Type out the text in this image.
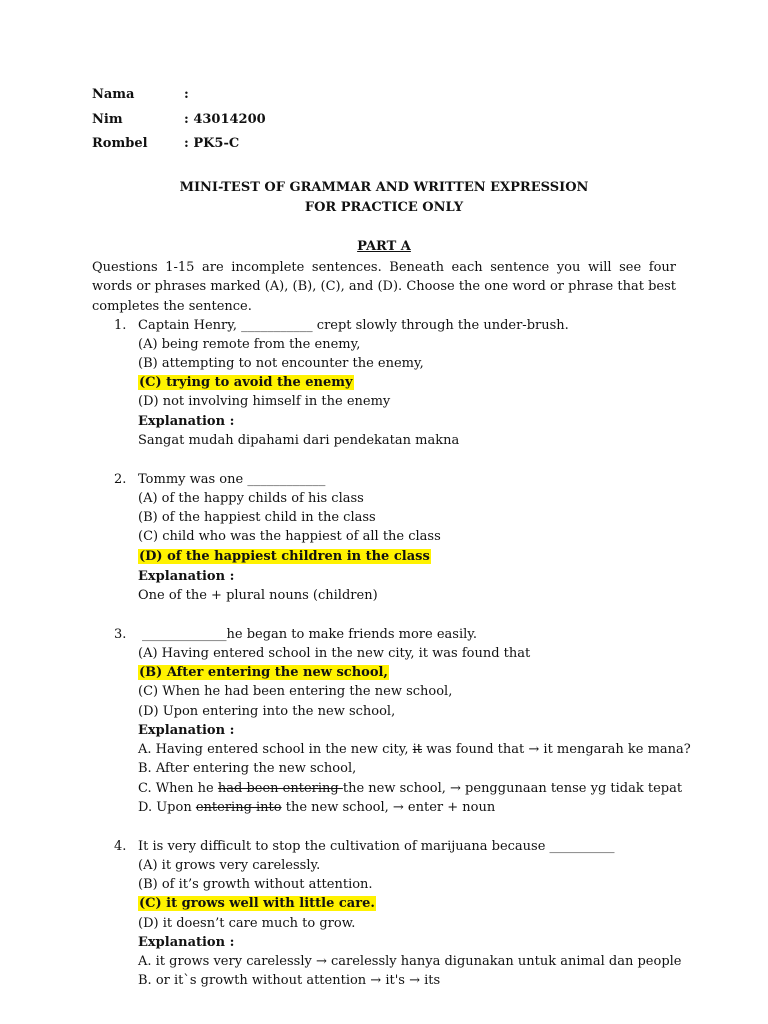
Nama	:
Nim	: 43014200
Rombel	: PK5-C
MINI-TEST OF GRAMMAR AND WRITTEN EXPRESSION
FOR PRACTICE ONLY
PART A
Questions 1-15 are incomplete sentences. Beneath each sentence you will see four words or phrases marked (A), (B), (C), and (D). Choose the one word or phrase that best completes the sentence.
1. Captain Henry, ___________ crept slowly through the under-brush.
(A) being remote from the enemy,
(B) attempting to not encounter the enemy,
(C) trying to avoid the enemy
(D) not involving himself in the enemy
Explanation :
Sangat mudah dipahami dari pendekatan makna
2. Tommy was one ____________
(A) of the happy childs of his class
(B) of the happiest child in the class
(C) child who was the happiest of all the class
(D) of the happiest children in the class
Explanation :
One of the + plural nouns (children)
3. _____________he began to make friends more easily.
(A) Having entered school in the new city, it was found that
(B) After entering the new school,
(C) When he had been entering the new school,
(D) Upon entering into the new school,
Explanation :
A. Having entered school in the new city, it was found that → it mengarah ke mana?
B. After entering the new school,
C. When he had been entering the new school, → penggunaan tense yg tidak tepat
D. Upon entering into the new school, → enter + noun
4. It is very difficult to stop the cultivation of marijuana because __________
(A) it grows very carelessly.
(B) of it’s growth without attention.
(C) it grows well with little care.
(D) it doesn’t care much to grow.
Explanation :
A. it grows very carelessly → carelessly hanya digunakan untuk animal dan people
B. or it`s growth without attention → it's → its
